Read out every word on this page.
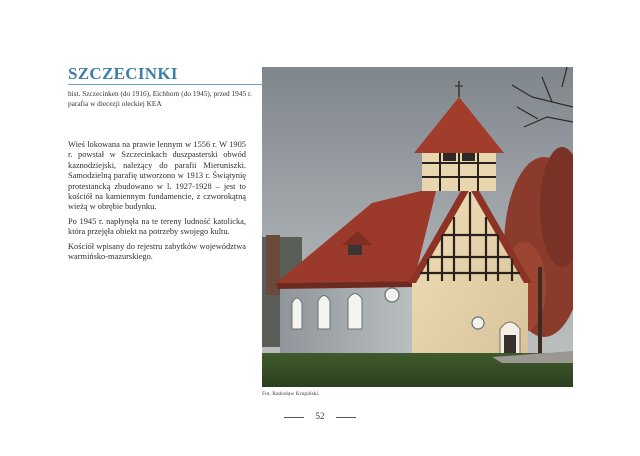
SZCZECINKI
hist. Szczecinken (do 1916), Eichhorn (do 1945), przed 1945 r. parafia w diecezji oleckiej KEA

Wieś lokowana na prawie lennym w 1556 r. W 1905 r. powstał w Szczecinkach duszpasterski obwód kaznodziejski, należący do parafii Mieruniszki. Samodzielną parafię utworzono w 1913 r. Świątynię protestancką zbudowano w l. 1927-1928 – jest to kościół na kamiennym fundamencie, z czworokątną wieżą w obrębie budynku.

Po 1945 r. napłynęła na te tereny ludność katolicka, która przejęła obiekt na potrzeby swojego kultu.

Kościół wpisany do rejestru zabytków województwa warmińsko-mazurskiego.

Fot. Radosław Krupiński.
52
